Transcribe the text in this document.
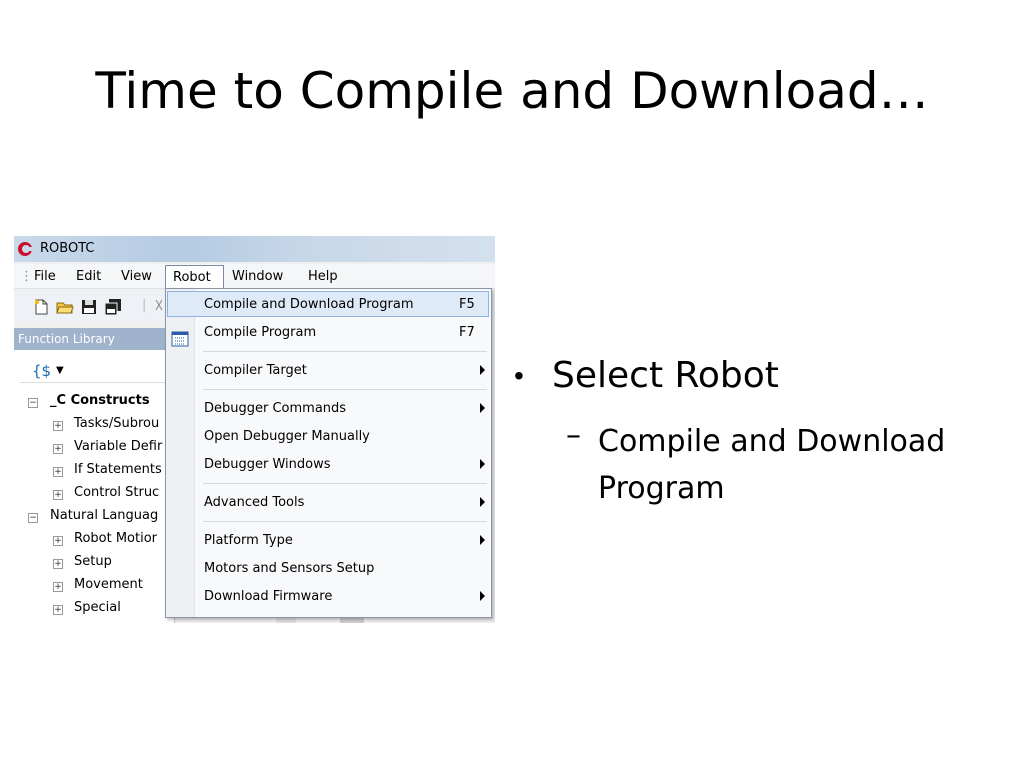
Time to Compile and Download…
ROBOTC
⋮ File Edit View	Window Help
Robot
|
Function Library
{$ ▼
− _C Constructs
+ Tasks/Subrou
+ Variable Defir
+ If Statements
+ Control Struc
− Natural Languag
+ Robot Motior
+ Setup
+ Movement
+ Special
Compile and Download Program	F5
Compile Program	F7
Compiler Target
Debugger Commands
Open Debugger Manually
Debugger Windows
Advanced Tools
Platform Type
Motors and Sensors Setup
Download Firmware
• Select Robot
– Compile and Download Program
